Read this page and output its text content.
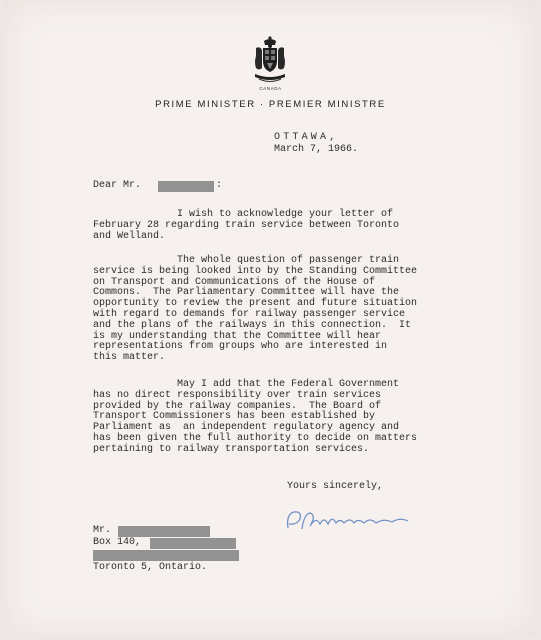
CANADA
PRIME MINISTER · PREMIER MINISTRE
OTTAWA,
March 7, 1966.
Dear Mr.	:
I wish to acknowledge your letter of
February 28 regarding train service between Toronto
and Welland.
The whole question of passenger train
service is being looked into by the Standing Committee
on Transport and Communications of the House of
Commons.  The Parliamentary Committee will have the
opportunity to review the present and future situation
with regard to demands for railway passenger service
and the plans of the railways in this connection.  It
is my understanding that the Committee will hear
representations from groups who are interested in
this matter.
May I add that the Federal Government
has no direct responsibility over train services
provided by the railway companies.  The Board of
Transport Commissioners has been established by
Parliament as  an independent regulatory agency and
has been given the full authority to decide on matters
pertaining to railway transportation services.
Yours sincerely,
Mr.
Box 140,
Toronto 5, Ontario.
